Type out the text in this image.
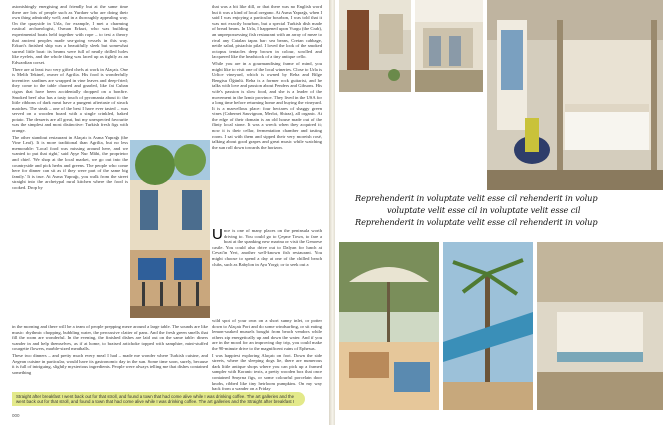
astonishingly energising and friendly but at the same time there are lots of people such as Yurdaer who are doing their own thing admirably well; and in a thoroughly appealing way. On the quayside in Urla, for example, I met a charming rustical archaeologist, Osman Erkurt, who was building experimental boats held together with rope – to test a theory that ancient peoples made sea-going vessels in this way. Erkurt's finished ship was a beautifully sleek but somewhat surreal little boat: its beams were full of neatly drilled holes like eyelets, and the whole thing was laced up as tightly as an Edwardian corset.

There are at least two very gifted chefs at work in Alaçatı. One is Melih Tekinel, owner of Agrilia. His food is wonderfully inventive: sardines are wrapped in vine leaves and deep-fried; they come to the table charred and gnarled, like fat Cuban cigars that have been accidentally dropped on a bonfire. Smoked beef also has a tasty touch of pyromania about it: the little ribbons of dark meat have a pungent aftertaste of struck matches. The steak – one of the best I have ever tasted – was served on a wooden board with a single crinkled, baked potato. The desserts are all great, but my unexpected favourite was the simplest and most distinctive: Turkish fresh figs with orange.

The other standout restaurant in Alaçatı is Asma Yaprağı (the Vine Leaf). It is more traditional than Agrilia, but no less memorable: 'Local food was missing around here, and we wanted to put that right,' said Ayşe Nur Mâhi, the proprietor and chief. 'We shop at the local market, we go out into the countryside and pick herbs and greens. The people who come here for dinner can sit as if they were part of the same big family.' It is true. At Asma Yaprağı, you walk from the street straight into the archetypal rural kitchen where the food is cooked. Drop by

that was a bit like dill, or that there was no English word but it was a kind of local oregano. At Asma Yaprağı, when I said I was enjoying a particular bourbon, I was told that it was not exactly bourbon, but a special Turkish dish made of bread beans. In Urla, I happened upon Vurgu (the Crab), an unprepossessing fish restaurant with an array of meze to rival any Catalan tapas bar: sea beans, Cretan cabbage, nettle salad, pistachio pilaf. I loved the look of the smoked octopus tentacles deep brown in colour, scrolled and lacquered like the headstock of a tiny antique cello.

While you are in a gourmandising frame of mind, you might like to visit one of the local wineries. Close to Urla is Urlice vineyard, which is owned by Reha and Bilge Bengisu Öğünlü. Reha is a former rock guitarist, and he talks with love and passion about Fenders and Gibsons. His wife's passion is slow food, and she is a leader of the movement in the Izmir province. They lived in the USA for a long time before returning home and buying the vineyard. It is a marvellous place: four hectares of shaggy green vines (Cabernet Sauvignon, Merlot, Shiraz), all organic. At the edge of their domain is an old house made out of the flinty local stone. It was a wreck when they acquired it; now it is their cellar, fermentation chamber and tasting room. I sat with them and sipped their very moreish rosé, talking about good grapes and great music while watching the sun roll down towards the horizon.

U nce is one of many places on the peninsula worth driving to. You could go to Çeşme Town, to fare a boat at the spanking new marina or visit the Genoese castle. You could also drive out to Dalyan for lunch at Cevat'in Yeri, another well-known fish restaurant. You might choose to spend a day at one of the chilled beach clubs, such as Babylon in Aya Yorgi; or to seek out a

in the morning and there will be a team of people prepping meze around a large table. The sounds are like music: rhythmic chopping, bubbling water, the percussive clatter of pans. And the fresh green smells that fill the room are wonderful. In the evening, the finished dishes are laid out on the same table: diners wander in and help themselves, as if at home, to braised artichoke topped with samphire, mint-stuffed courgette flowers, marble-sized meatballs.

These two dinners – and pretty much every meal I had – made me wonder where Turkish cuisine, and Aegean cuisine in particular, would have its gastronomic day in the sun. Some time soon, surely, because it is full of intriguing, slightly mysterious ingredients. People were always telling me that dishes contained something

wild spot of your own on a short sunny inlet, or potter down to Alaçatı Port and do some windsurfing, or sit eating lemon-soaked mussels bought from beach vendors while others zip energetically up and down the water. And if you are in the mood for an improving day trip, you could make the 90-minute drive to the magnificent ruins of Ephesus.

I was happiest exploring Alaçatı on foot. Down the side streets, where the sleeping dogs lie, there are numerous dark little antique shops where you can pick up a framed sampler with Koranic texts, a pretty wooden box that once contained Smyrna figs, or some colourful porcelain door knobs, ribbed like tiny heirloom pumpkins. On my way back from a wander on a Friday

Straight after breakfast I went back out for that stroll, and found a town that had come alive while I was drinking coffee. The art galleries and the went back out for that stroll, and found a town that had come alive while I was drinking coffee. The art galleries and the Straight after breakfast I
000
Reprehenderit in voluptate velit esse cil rehenderit in volup
voluptate velit esse cil in voluptate velit esse cil
Reprehenderit in voluptate velit esse cil rehenderit in volup
